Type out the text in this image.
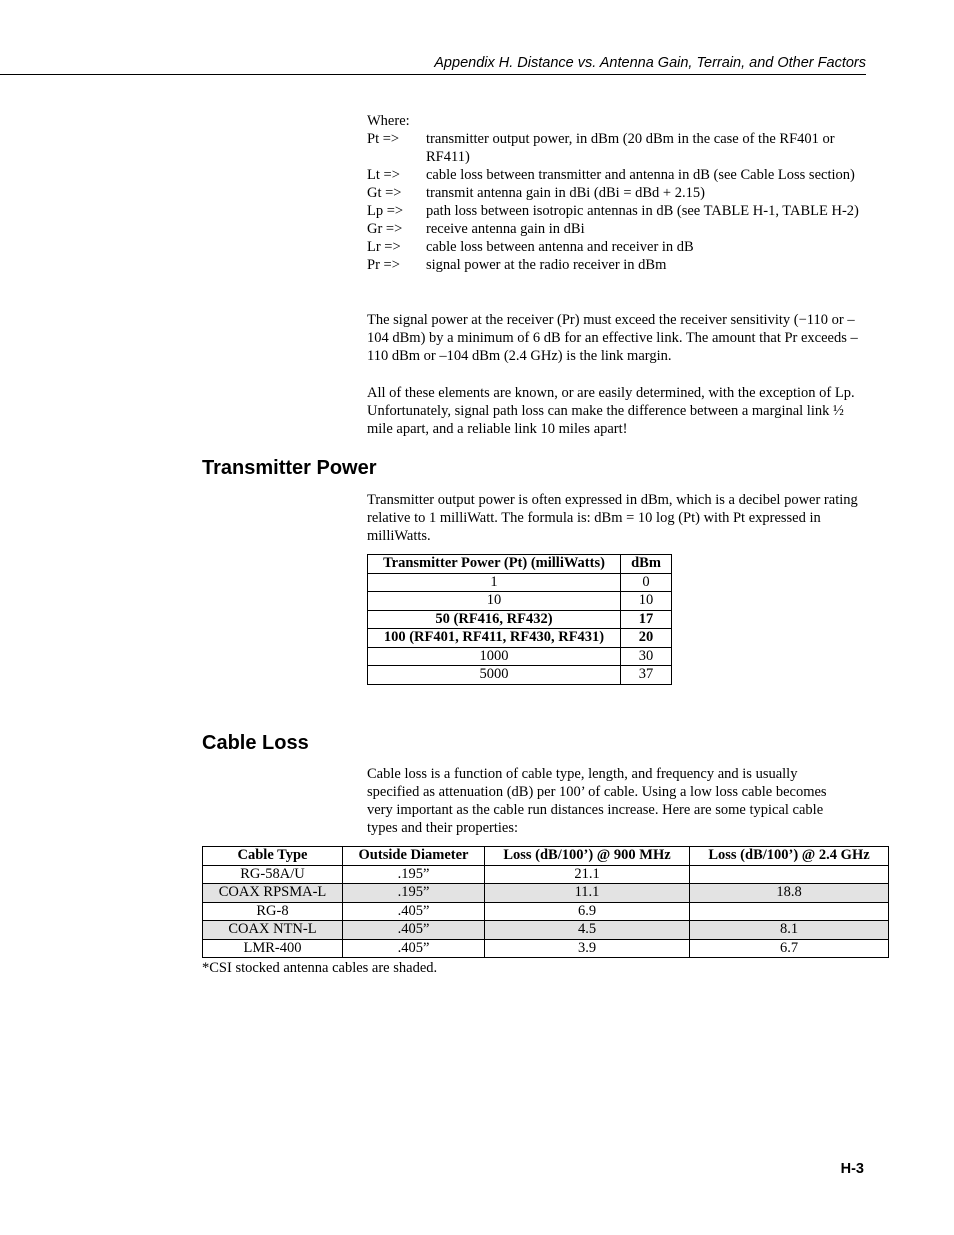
Appendix H. Distance vs. Antenna Gain, Terrain, and Other Factors
Where:
Pt =>	transmitter output power, in dBm (20 dBm in the case of the RF401 or RF411)
Lt =>	cable loss between transmitter and antenna in dB (see Cable Loss section)
Gt =>	transmit antenna gain in dBi (dBi = dBd + 2.15)
Lp =>	path loss between isotropic antennas in dB (see TABLE H-1, TABLE H-2)
Gr =>	receive antenna gain in dBi
Lr =>	cable loss between antenna and receiver in dB
Pr =>	signal power at the radio receiver in dBm

The signal power at the receiver (Pr) must exceed the receiver sensitivity (−110 or –104 dBm) by a minimum of 6 dB for an effective link. The amount that Pr exceeds –110 dBm or –104 dBm (2.4 GHz) is the link margin.

All of these elements are known, or are easily determined, with the exception of Lp. Unfortunately, signal path loss can make the difference between a marginal link ½ mile apart, and a reliable link 10 miles apart!

Transmitter Power

Transmitter output power is often expressed in dBm, which is a decibel power rating relative to 1 milliWatt. The formula is: dBm = 10 log (Pt) with Pt expressed in milliWatts.

Transmitter Power (Pt) (milliWatts)	dBm
1	0
10	10
50 (RF416, RF432)	17
100 (RF401, RF411, RF430, RF431)	20
1000	30
5000	37
Cable Loss

Cable loss is a function of cable type, length, and frequency and is usually specified as attenuation (dB) per 100’ of cable. Using a low loss cable becomes very important as the cable run distances increase. Here are some typical cable types and their properties:

Cable Type	Outside Diameter	Loss (dB/100’) @ 900 MHz	Loss (dB/100’) @ 2.4 GHz
RG-58A/U	.195”	21.1	
COAX RPSMA-L	.195”	11.1	18.8
RG-8	.405”	6.9	
COAX NTN-L	.405”	4.5	8.1
LMR-400	.405”	3.9	6.7
*CSI stocked antenna cables are shaded.
H-3
